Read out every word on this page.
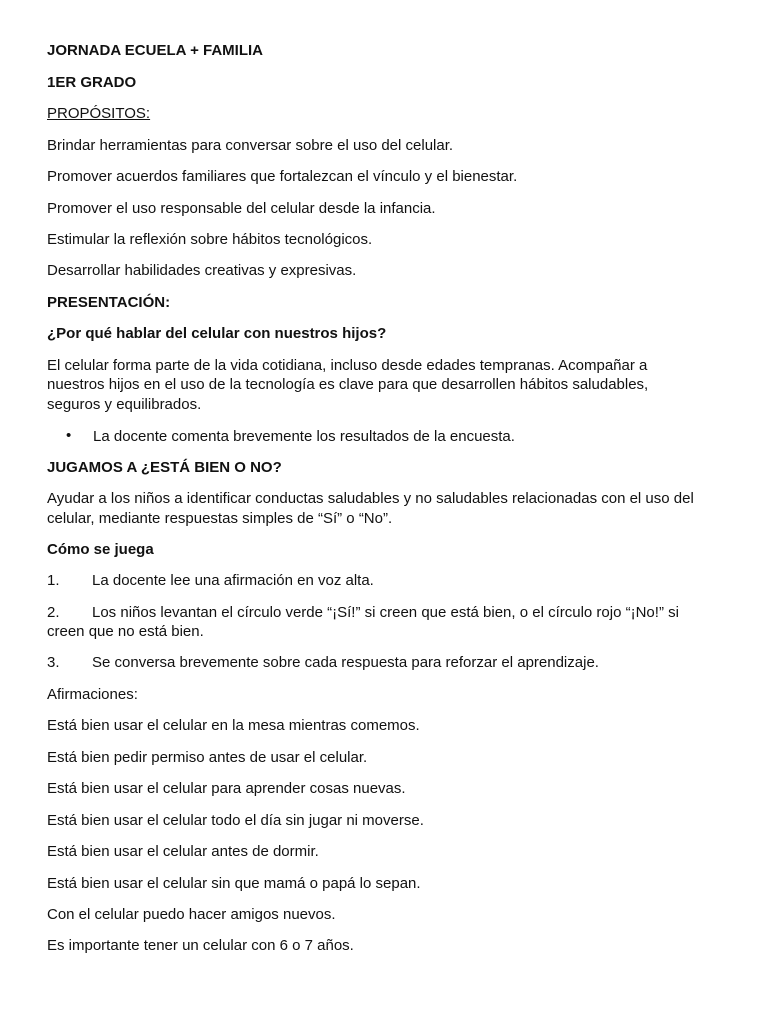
JORNADA ECUELA + FAMILIA

1ER GRADO

PROPÓSITOS:

Brindar herramientas para conversar sobre el uso del celular.

Promover acuerdos familiares que fortalezcan el vínculo y el bienestar.

Promover el uso responsable del celular desde la infancia.

Estimular la reflexión sobre hábitos tecnológicos.

Desarrollar habilidades creativas y expresivas.

PRESENTACIÓN:

¿Por qué hablar del celular con nuestros hijos?

El celular forma parte de la vida cotidiana, incluso desde edades tempranas. Acompañar a

nuestros hijos en el uso de la tecnología es clave para que desarrollen hábitos saludables,

seguros y equilibrados.

• La docente comenta brevemente los resultados de la encuesta.

JUGAMOS A ¿ESTÁ BIEN O NO?

Ayudar a los niños a identificar conductas saludables y no saludables relacionadas con el uso del

celular, mediante respuestas simples de “Sí” o “No”.

Cómo se juega

1. La docente lee una afirmación en voz alta.

2. Los niños levantan el círculo verde “¡Sí!” si creen que está bien, o el círculo rojo “¡No!” si

creen que no está bien.

3. Se conversa brevemente sobre cada respuesta para reforzar el aprendizaje.

Afirmaciones:

Está bien usar el celular en la mesa mientras comemos.

Está bien pedir permiso antes de usar el celular.

Está bien usar el celular para aprender cosas nuevas.

Está bien usar el celular todo el día sin jugar ni moverse.

Está bien usar el celular antes de dormir.

Está bien usar el celular sin que mamá o papá lo sepan.

Con el celular puedo hacer amigos nuevos.

Es importante tener un celular con 6 o 7 años.
